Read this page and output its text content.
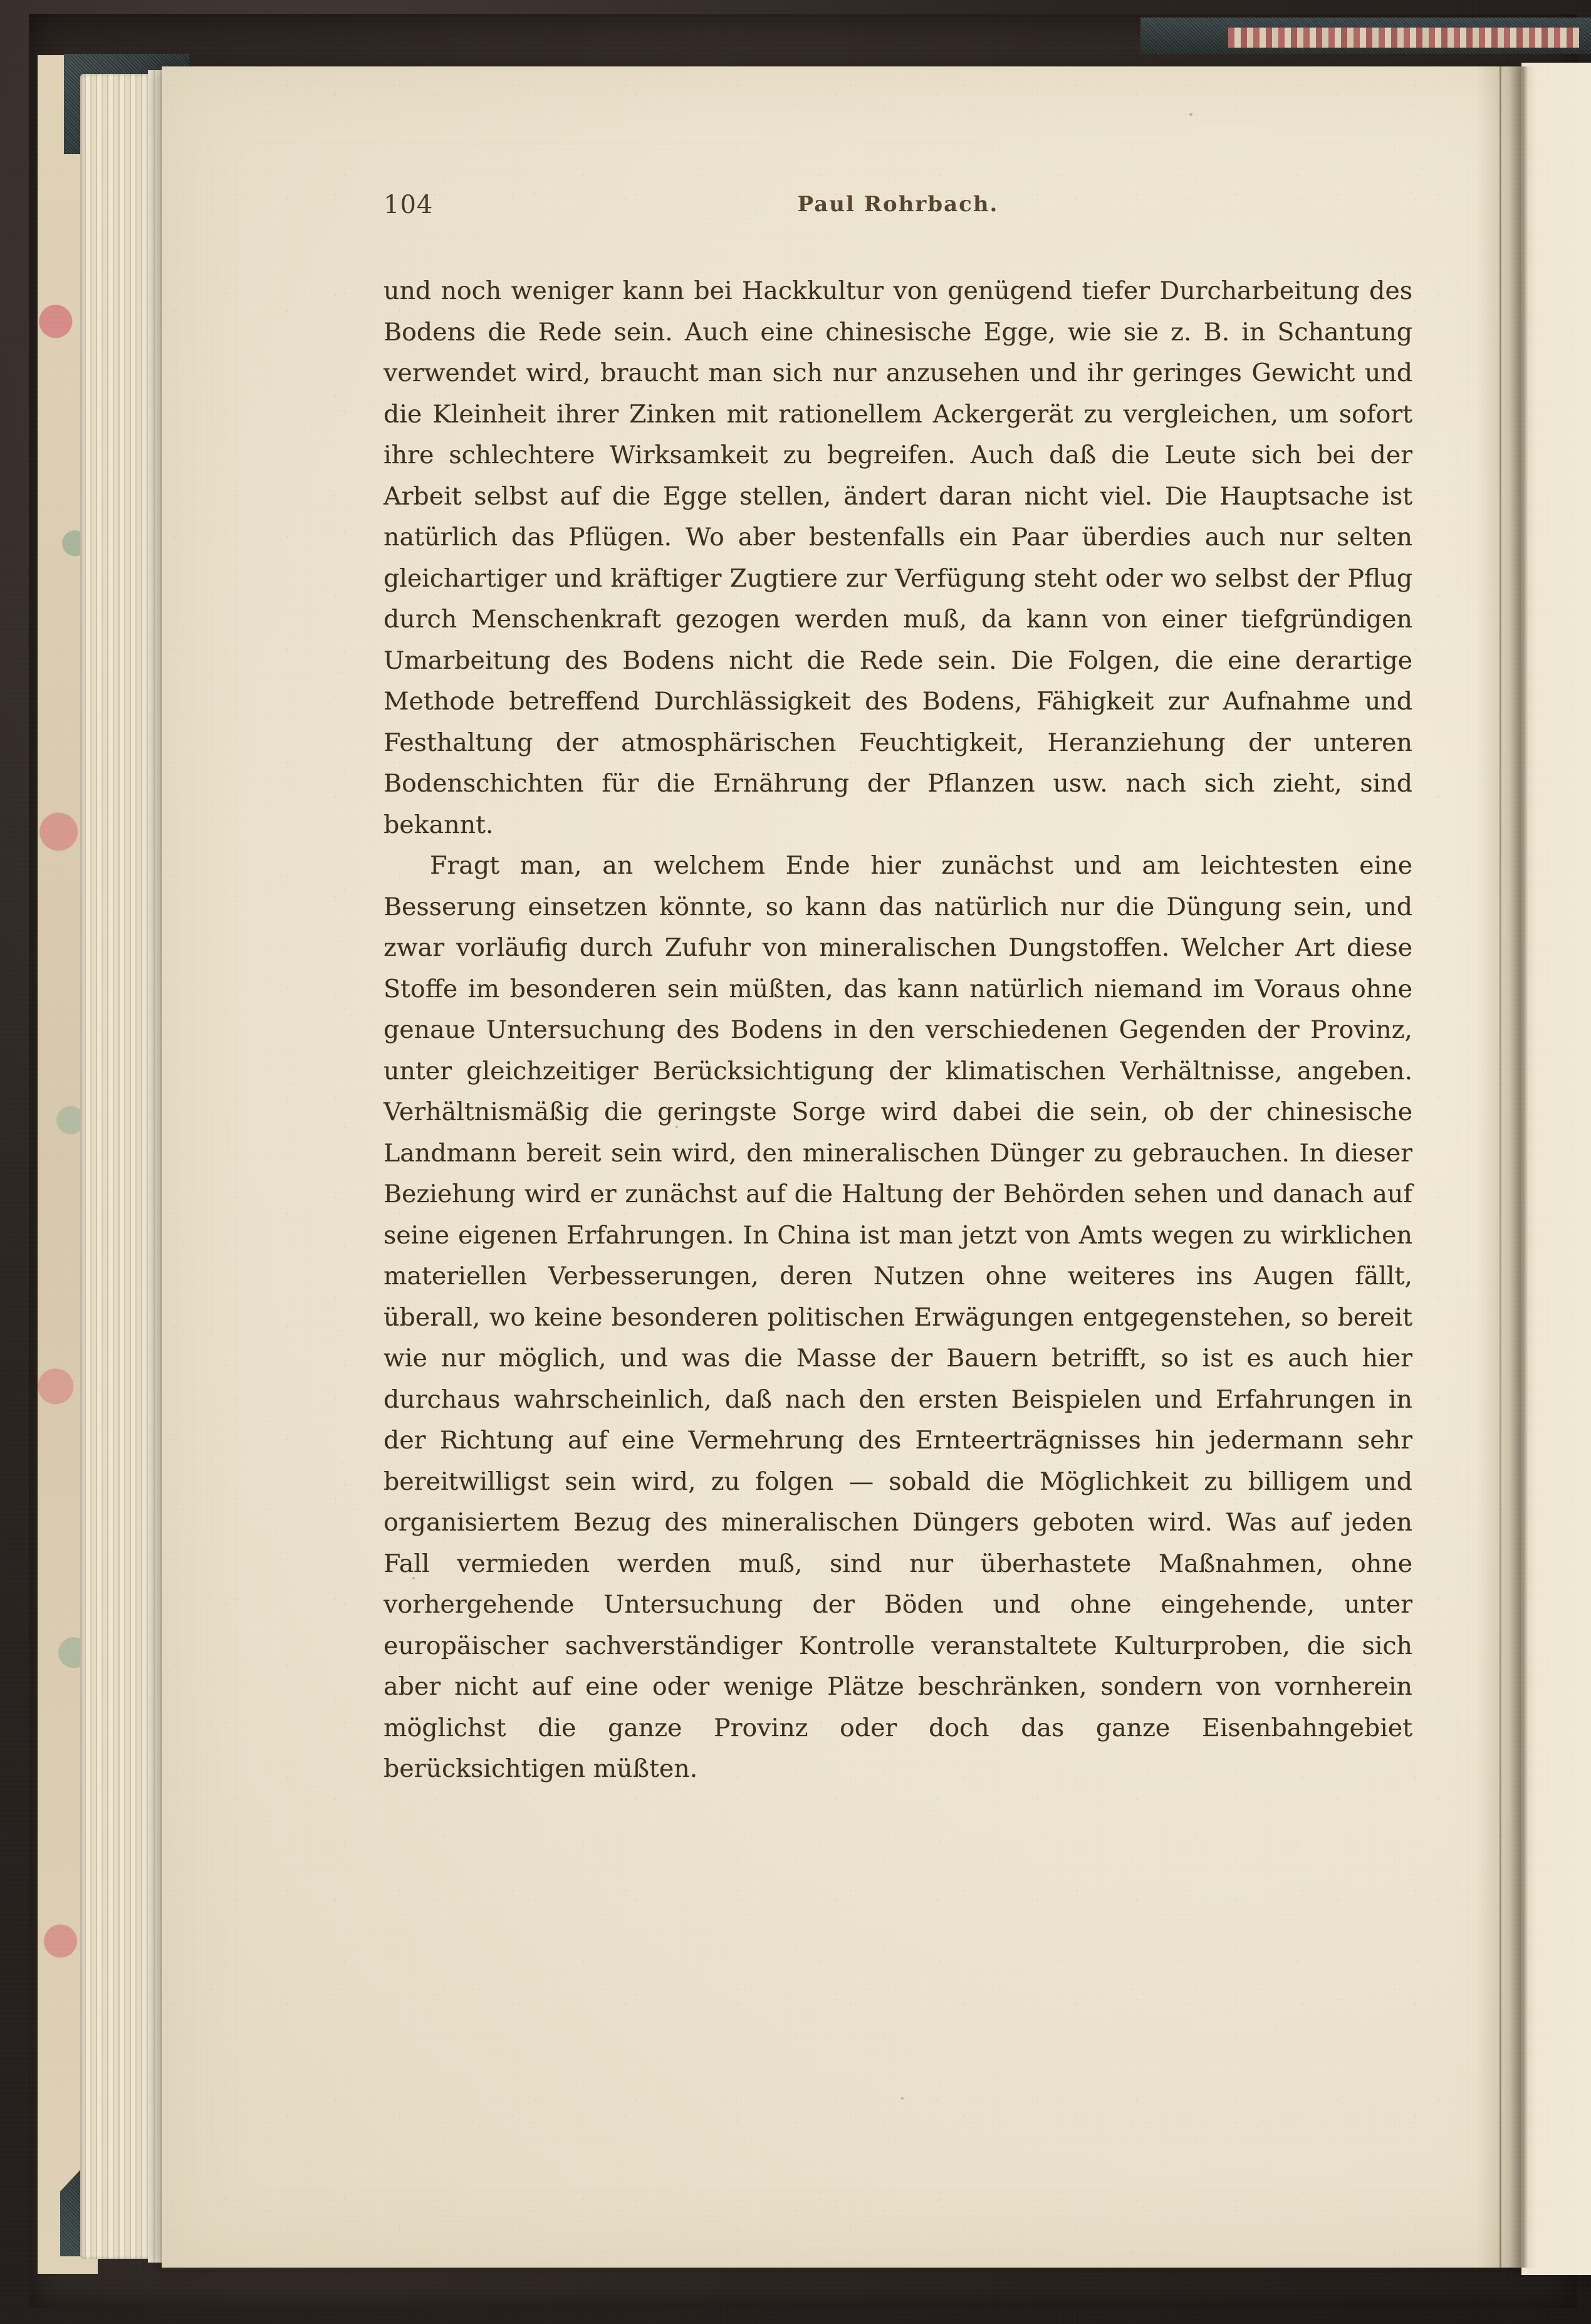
104	Paul Rohrbach.

und noch weniger kann bei Hackkultur von genügend tiefer Durcharbeitung des Bodens die Rede sein. Auch eine chinesische Egge, wie sie z. B. in Schantung verwendet wird, braucht man sich nur anzusehen und ihr geringes Gewicht und die Kleinheit ihrer Zinken mit rationellem Ackergerät zu vergleichen, um sofort ihre schlechtere Wirksamkeit zu begreifen. Auch daß die Leute sich bei der Arbeit selbst auf die Egge stellen, ändert daran nicht viel. Die Hauptsache ist natürlich das Pflügen. Wo aber bestenfalls ein Paar überdies auch nur selten gleichartiger und kräftiger Zugtiere zur Verfügung steht oder wo selbst der Pflug durch Menschenkraft gezogen werden muß, da kann von einer tiefgründigen Umarbeitung des Bodens nicht die Rede sein. Die Folgen, die eine derartige Methode betreffend Durchlässigkeit des Bodens, Fähigkeit zur Aufnahme und Festhaltung der atmosphärischen Feuchtigkeit, Heranziehung der unteren Bodenschichten für die Ernährung der Pflanzen usw. nach sich zieht, sind bekannt.

Fragt man, an welchem Ende hier zunächst und am leichtesten eine Besserung einsetzen könnte, so kann das natürlich nur die Düngung sein, und zwar vorläufig durch Zufuhr von mineralischen Dungstoffen. Welcher Art diese Stoffe im besonderen sein müßten, das kann natürlich niemand im Voraus ohne genaue Untersuchung des Bodens in den verschiedenen Gegenden der Provinz, unter gleichzeitiger Berücksichtigung der klimatischen Verhältnisse, angeben. Verhältnismäßig die geringste Sorge wird dabei die sein, ob der chinesische Landmann bereit sein wird, den mineralischen Dünger zu gebrauchen. In dieser Beziehung wird er zunächst auf die Haltung der Behörden sehen und danach auf seine eigenen Erfahrungen. In China ist man jetzt von Amts wegen zu wirklichen materiellen Verbesserungen, deren Nutzen ohne weiteres ins Augen fällt, überall, wo keine besonderen politischen Erwägungen entgegenstehen, so bereit wie nur möglich, und was die Masse der Bauern betrifft, so ist es auch hier durchaus wahrscheinlich, daß nach den ersten Beispielen und Erfahrungen in der Richtung auf eine Vermehrung des Ernteerträgnisses hin jedermann sehr bereitwilligst sein wird, zu folgen — sobald die Möglichkeit zu billigem und organisiertem Bezug des mineralischen Düngers geboten wird. Was auf jeden Fall vermieden werden muß, sind nur überhastete Maßnahmen, ohne vorhergehende Untersuchung der Böden und ohne eingehende, unter europäischer sachverständiger Kontrolle veranstaltete Kulturproben, die sich aber nicht auf eine oder wenige Plätze beschränken, sondern von vornherein möglichst die ganze Provinz oder doch das ganze Eisenbahngebiet berücksichtigen müßten.
